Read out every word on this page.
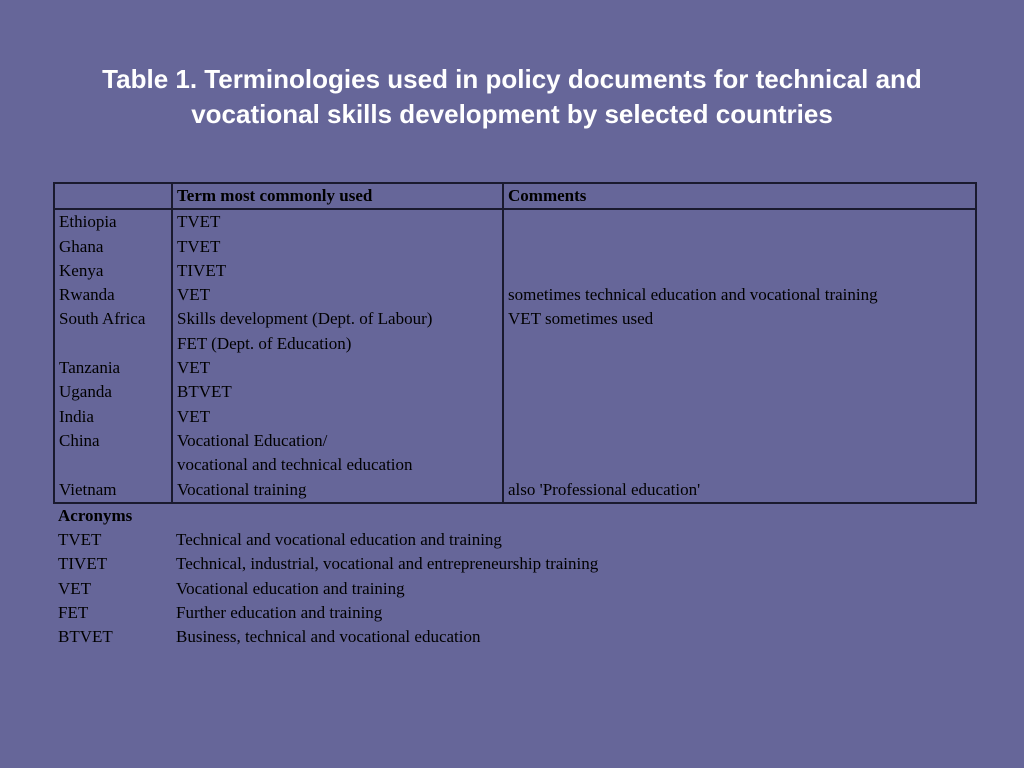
Table 1. Terminologies used in policy documents for technical and
vocational skills development by selected countries
	Term most commonly used	Comments
Ethiopia	TVET	
Ghana	TVET	
Kenya	TIVET	
Rwanda	VET	sometimes technical education and vocational training
South Africa	Skills development (Dept. of Labour)	VET sometimes used
	FET (Dept. of Education)	
Tanzania	VET	
Uganda	BTVET	
India	VET	
China	Vocational Education/	
	vocational and technical education	
Vietnam	Vocational training	also 'Professional education'
Acronyms		
TVET	Technical and vocational education and training	
TIVET	Technical, industrial, vocational and entrepreneurship training	
VET	Vocational education and training	
FET	Further education and training	
BTVET	Business, technical and vocational education	
